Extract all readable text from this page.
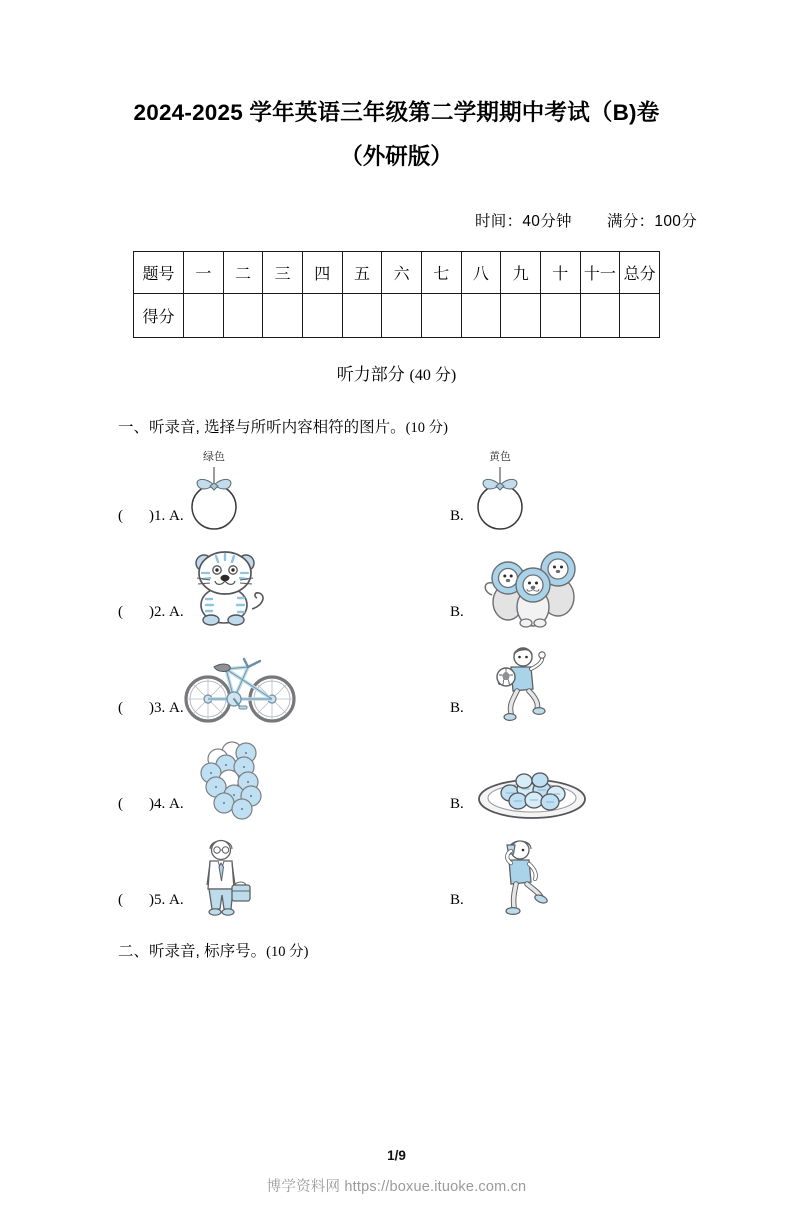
2024-2025 学年英语三年级第二学期期中考试（B)卷
（外研版）
时间：40分钟 满分：100分
题号	一	二	三	四	五	六	七	八	九	十	十一	总分
得分												
听力部分 (40 分)
一、听录音, 选择与所听内容相符的图片。(10 分)
绿色	黄色
( )1. A.	B.
( )2. A.	B.
( )3. A.	B.
( )4. A.	B.
( )5. A.	B.
二、听录音, 标序号。(10 分)
1/9
博学资料网 https://boxue.ituoke.com.cn
